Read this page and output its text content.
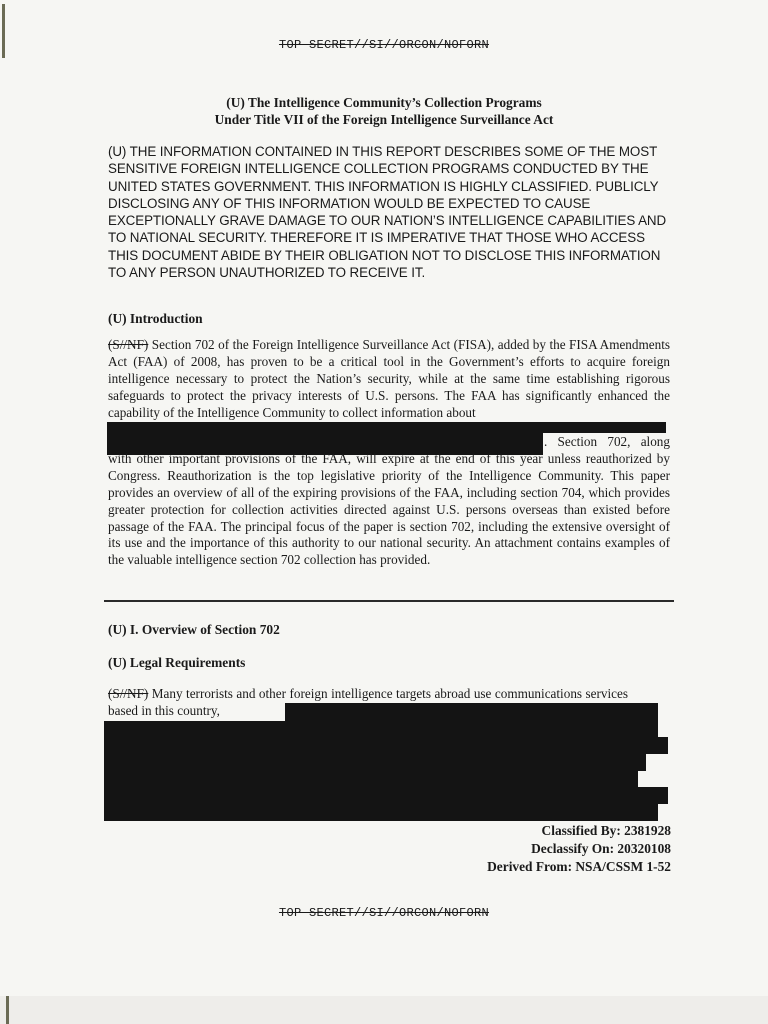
TOP SECRET//SI//ORCON/NOFORN
(U) The Intelligence Community’s Collection Programs
Under Title VII of the Foreign Intelligence Surveillance Act
(U) THE INFORMATION CONTAINED IN THIS REPORT DESCRIBES SOME OF THE MOST SENSITIVE FOREIGN INTELLIGENCE COLLECTION PROGRAMS CONDUCTED BY THE UNITED STATES GOVERNMENT. THIS INFORMATION IS HIGHLY CLASSIFIED. PUBLICLY DISCLOSING ANY OF THIS INFORMATION WOULD BE EXPECTED TO CAUSE EXCEPTIONALLY GRAVE DAMAGE TO OUR NATION’S INTELLIGENCE CAPABILITIES AND TO NATIONAL SECURITY. THEREFORE IT IS IMPERATIVE THAT THOSE WHO ACCESS THIS DOCUMENT ABIDE BY THEIR OBLIGATION NOT TO DISCLOSE THIS INFORMATION TO ANY PERSON UNAUTHORIZED TO RECEIVE IT.
(U) Introduction
(S//NF) Section 702 of the Foreign Intelligence Surveillance Act (FISA), added by the FISA Amendments Act (FAA) of 2008, has proven to be a critical tool in the Government’s efforts to acquire foreign intelligence necessary to protect the Nation’s security, while at the same time establishing rigorous safeguards to protect the privacy interests of U.S. persons. The FAA has significantly enhanced the capability of the Intelligence Community to collect information about
. Section 702, along with other important provisions of the FAA, will expire at the end of this year unless reauthorized by Congress. Reauthorization is the top legislative priority of the Intelligence Community. This paper provides an overview of all of the expiring provisions of the FAA, including section 704, which provides greater protection for collection activities directed against U.S. persons overseas than existed before passage of the FAA. The principal focus of the paper is section 702, including the extensive oversight of its use and the importance of this authority to our national security. An attachment contains examples of the valuable intelligence section 702 collection has provided.
(U) I. Overview of Section 702
(U) Legal Requirements
(S//NF) Many terrorists and other foreign intelligence targets abroad use communications services based in this country,
Classified By: 2381928
Declassify On: 20320108
Derived From: NSA/CSSM 1-52
TOP SECRET//SI//ORCON/NOFORN
